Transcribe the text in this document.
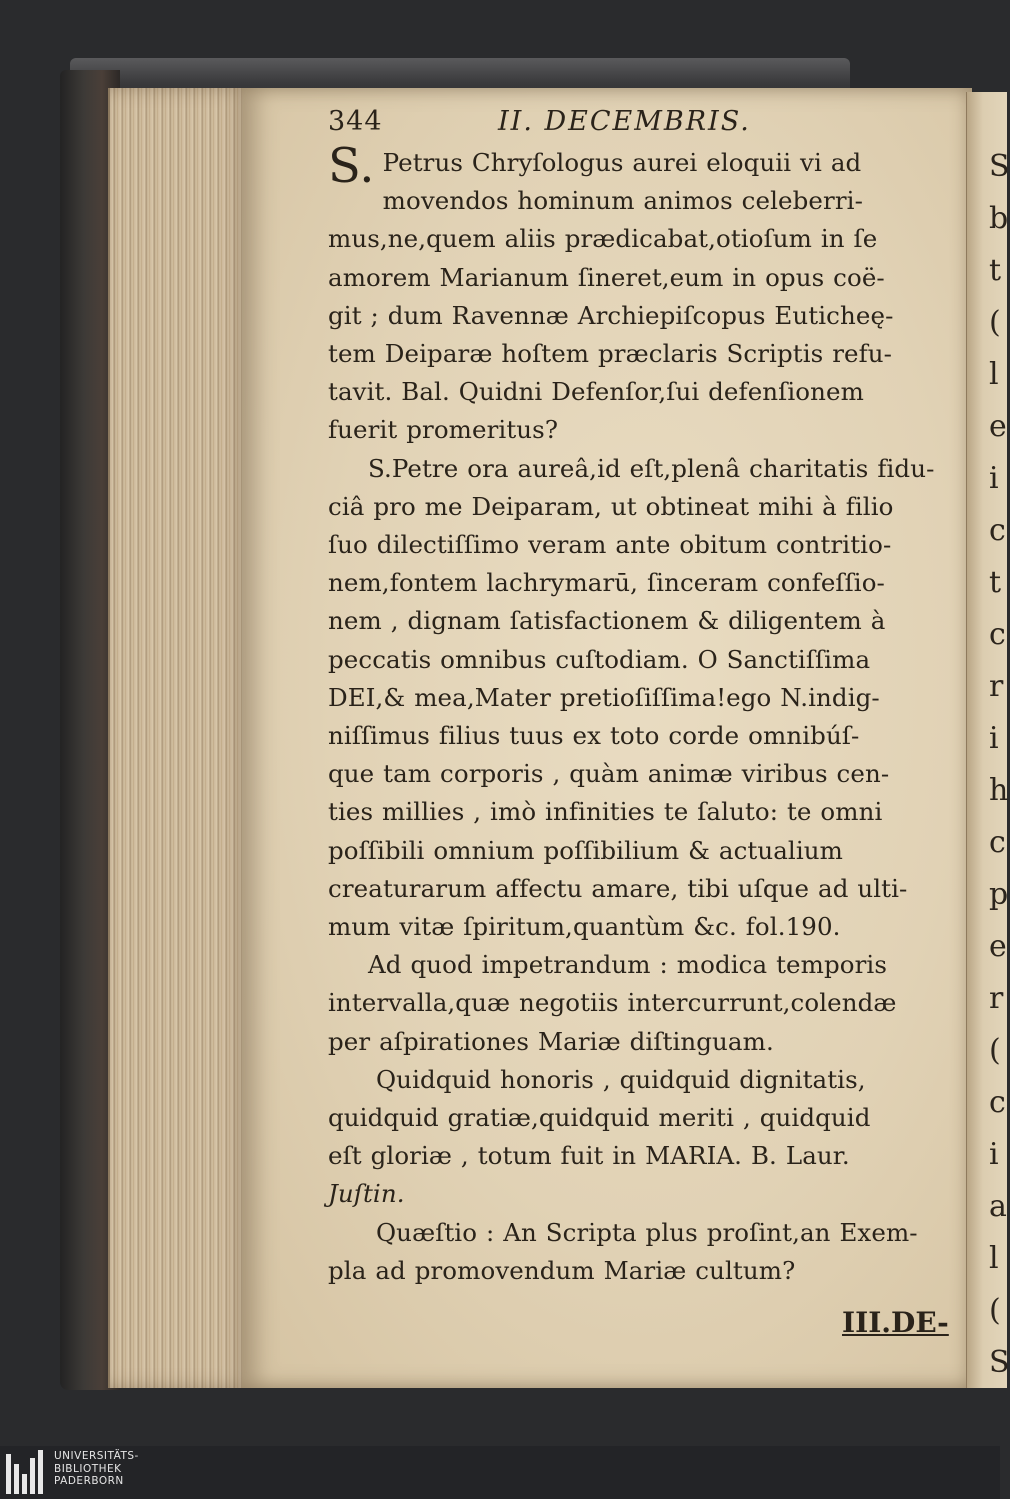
S
b
t
(
l
e
i
c
t
c
r
i
h
c
p
e
r
(
c
i
a
l
(
S
344	II. DECEMBRIS.
S. Petrus Chryſologus aurei eloquii vi ad
movendos hominum animos celeberri-
mus,ne,quem aliis prædicabat,otioſum in ſe
amorem Marianum ſineret,eum in opus coë-
git ; dum Ravennæ Archiepiſcopus Euticheę-
tem Deiparæ hoſtem præclaris Scriptis refu-
tavit. Bal. Quidni Defenſor,ſui defenſionem
fuerit promeritus?
S.Petre ora aureâ,id eſt,plenâ charitatis fidu-
ciâ pro me Deiparam, ut obtineat mihi à filio
ſuo dilectiſſimo veram ante obitum contritio-
nem,fontem lachrymarū, ſinceram confeſſio-
nem , dignam ſatisfactionem & diligentem à
peccatis omnibus cuſtodiam. O Sanctiſſima
DEI,& mea,Mater pretioſiſſima!ego N.indig-
niſſimus filius tuus ex toto corde omnibúſ-
que tam corporis , quàm animæ viribus cen-
ties millies , imò infinities te ſaluto: te omni
poſſibili omnium poſſibilium & actualium
creaturarum affectu amare, tibi uſque ad ulti-
mum vitæ ſpiritum,quantùm &c. fol.190.
Ad quod impetrandum : modica temporis
intervalla,quæ negotiis intercurrunt,colendæ
per aſpirationes Mariæ diſtinguam.
Quidquid honoris , quidquid dignitatis,
quidquid gratiæ,quidquid meriti , quidquid
eſt gloriæ , totum fuit in MARIA. B. Laur.
Juſtin.
Quæſtio : An Scripta plus proſint,an Exem-
pla ad promovendum Mariæ cultum?
III.DE-
UNIVERSITÄTS-
BIBLIOTHEK
PADERBORN
